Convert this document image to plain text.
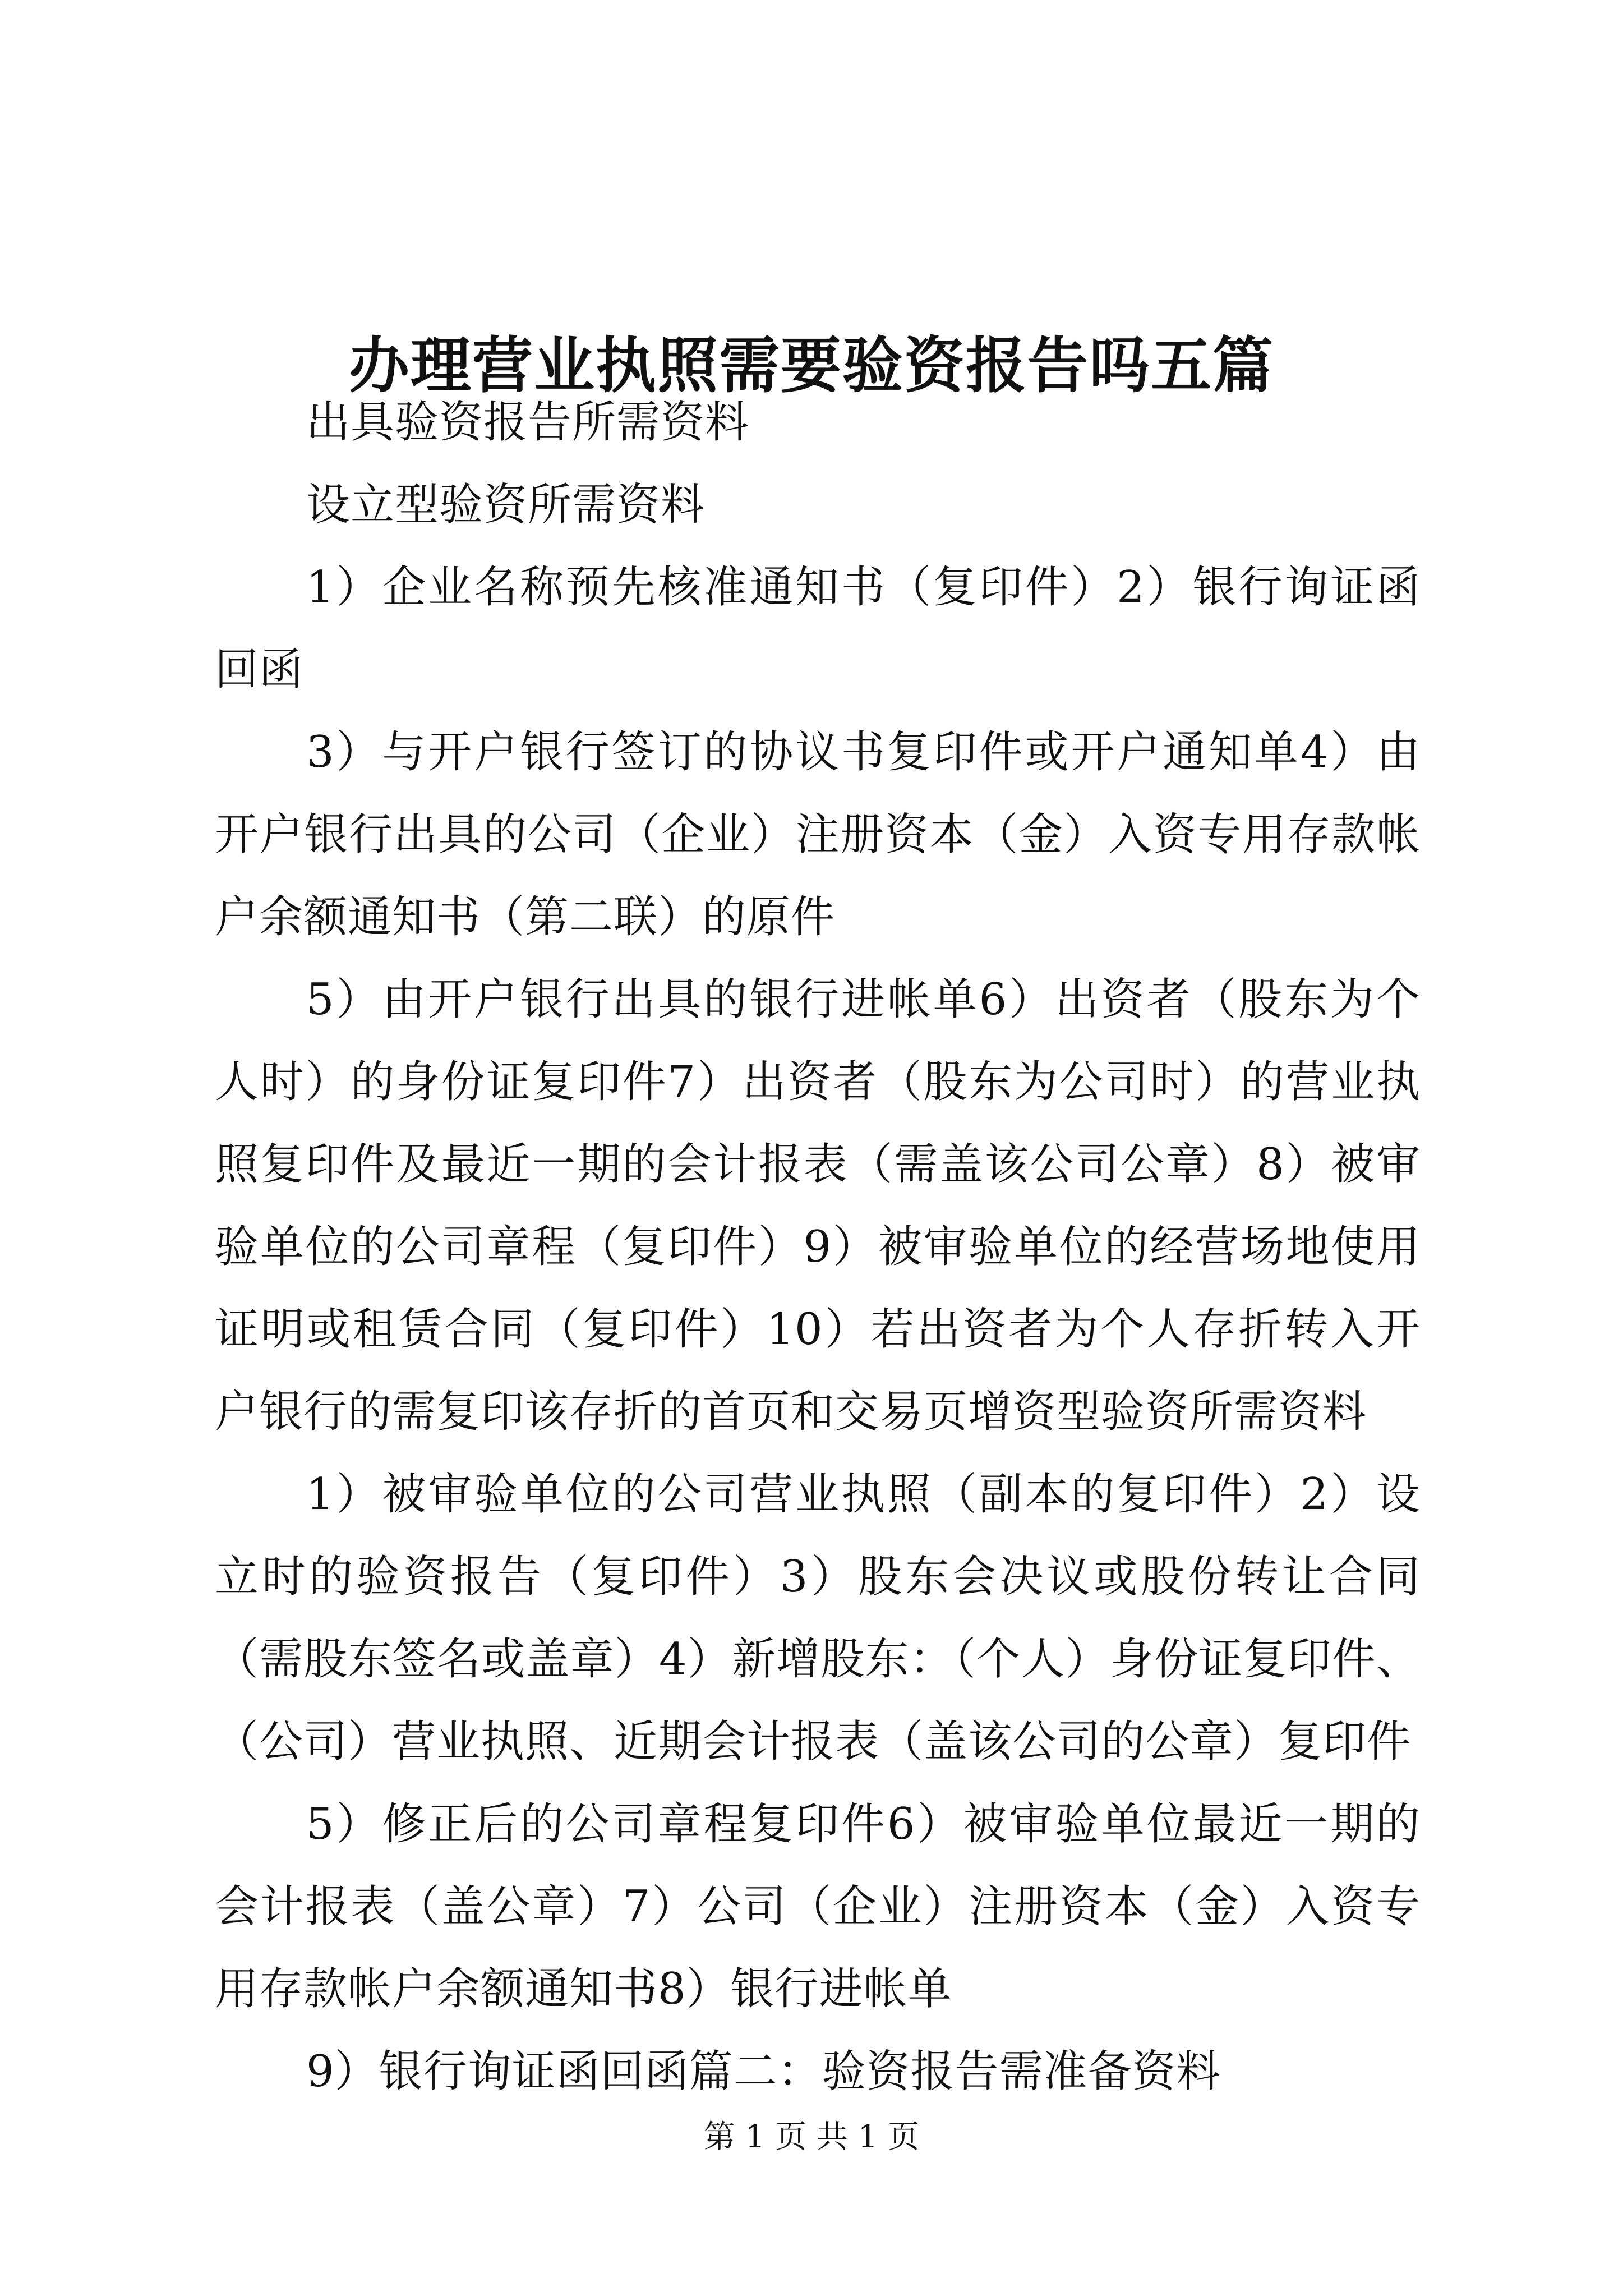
办理营业执照需要验资报告吗五篇

出具验资报告所需资料

设立型验资所需资料

1）企业名称预先核准通知书（复印件）2）银行询证函回函

3）与开户银行签订的协议书复印件或开户通知单4）由开户银行出具的公司（企业）注册资本（金）入资专用存款帐户余额通知书（第二联）的原件

5）由开户银行出具的银行进帐单6）出资者（股东为个人时）的身份证复印件7）出资者（股东为公司时）的营业执照复印件及最近一期的会计报表（需盖该公司公章）8）被审验单位的公司章程（复印件）9）被审验单位的经营场地使用证明或租赁合同（复印件）10）若出资者为个人存折转入开户银行的需复印该存折的首页和交易页增资型验资所需资料

1）被审验单位的公司营业执照（副本的复印件）2）设立时的验资报告（复印件）3）股东会决议或股份转让合同（需股东签名或盖章）4）新增股东：（个人）身份证复印件、（公司）营业执照、近期会计报表（盖该公司的公章）复印件

5）修正后的公司章程复印件6）被审验单位最近一期的会计报表（盖公章）7）公司（企业）注册资本（金）入资专用存款帐户余额通知书8）银行进帐单

9）银行询证函回函篇二：验资报告需准备资料

第 1 页 共 1 页
